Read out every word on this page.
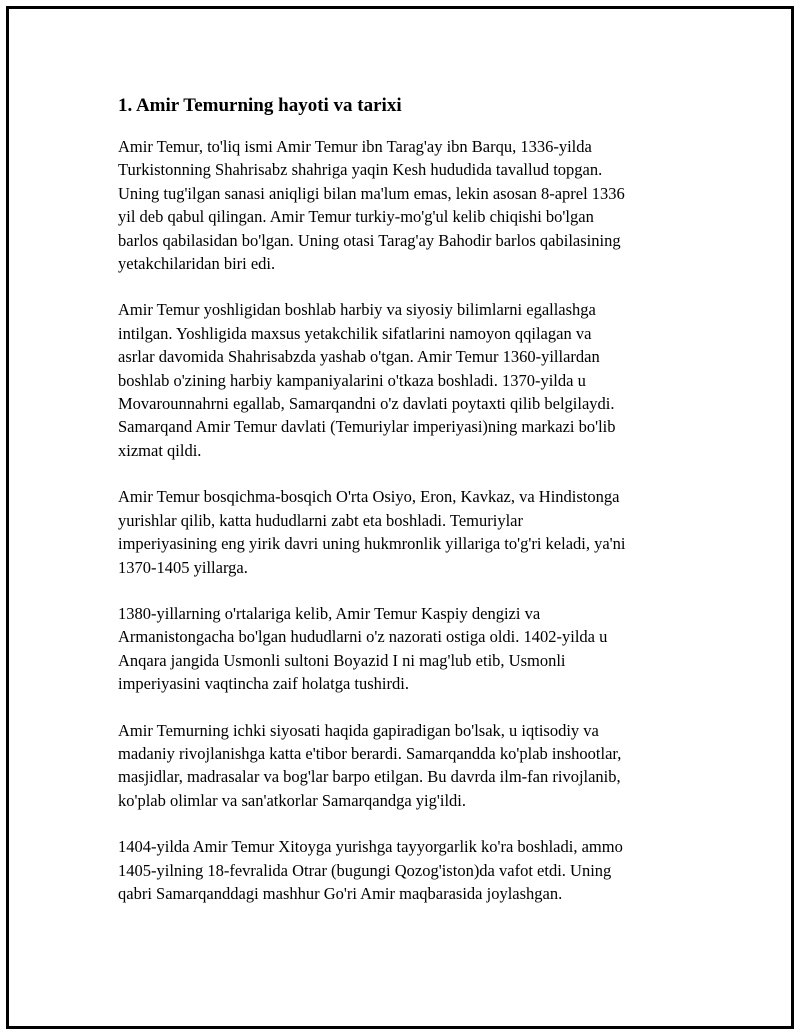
1. Amir Temurning hayoti va tarixi

Amir Temur, to'liq ismi Amir Temur ibn Tarag'ay ibn Barqu, 1336-yilda
Turkistonning Shahrisabz shahriga yaqin Kesh hududida tavallud topgan.
Uning tug'ilgan sanasi aniqligi bilan ma'lum emas, lekin asosan 8-aprel 1336
yil deb qabul qilingan. Amir Temur turkiy-mo'g'ul kelib chiqishi bo'lgan
barlos qabilasidan bo'lgan. Uning otasi Tarag'ay Bahodir barlos qabilasining
yetakchilaridan biri edi.

Amir Temur yoshligidan boshlab harbiy va siyosiy bilimlarni egallashga
intilgan. Yoshligida maxsus yetakchilik sifatlarini namoyon qqilagan va
asrlar davomida Shahrisabzda yashab o'tgan. Amir Temur 1360-yillardan
boshlab o'zining harbiy kampaniyalarini o'tkaza boshladi. 1370-yilda u
Movarounnahrni egallab, Samarqandni o'z davlati poytaxti qilib belgilaydi.
Samarqand Amir Temur davlati (Temuriylar imperiyasi)ning markazi bo'lib
xizmat qildi.

Amir Temur bosqichma-bosqich O'rta Osiyo, Eron, Kavkaz, va Hindistonga
yurishlar qilib, katta hududlarni zabt eta boshladi. Temuriylar
imperiyasining eng yirik davri uning hukmronlik yillariga to'g'ri keladi, ya'ni
1370-1405 yillarga.

1380-yillarning o'rtalariga kelib, Amir Temur Kaspiy dengizi va
Armanistongacha bo'lgan hududlarni o'z nazorati ostiga oldi. 1402-yilda u
Anqara jangida Usmonli sultoni Boyazid I ni mag'lub etib, Usmonli
imperiyasini vaqtincha zaif holatga tushirdi.

Amir Temurning ichki siyosati haqida gapiradigan bo'lsak, u iqtisodiy va
madaniy rivojlanishga katta e'tibor berardi. Samarqandda ko'plab inshootlar,
masjidlar, madrasalar va bog'lar barpo etilgan. Bu davrda ilm-fan rivojlanib,
ko'plab olimlar va san'atkorlar Samarqandga yig'ildi.

1404-yilda Amir Temur Xitoyga yurishga tayyorgarlik ko'ra boshladi, ammo
1405-yilning 18-fevralida Otrar (bugungi Qozog'iston)da vafot etdi. Uning
qabri Samarqanddagi mashhur Go'ri Amir maqbarasida joylashgan.
